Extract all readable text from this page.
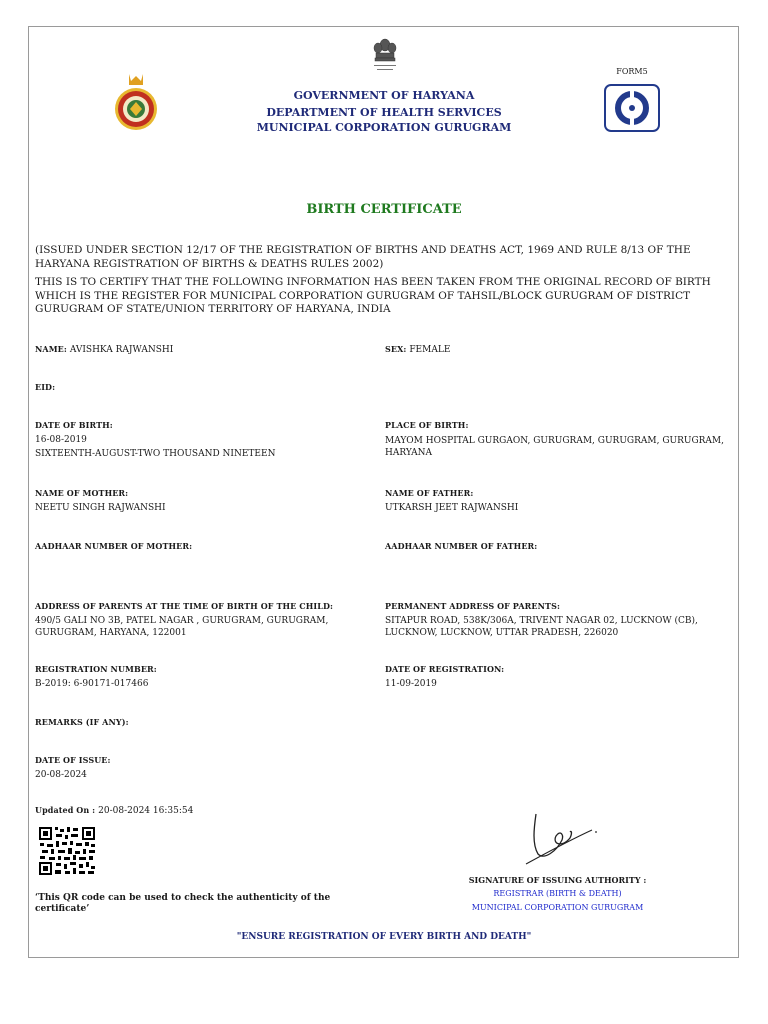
FORM5
GOVERNMENT OF HARYANA
DEPARTMENT OF HEALTH SERVICES
MUNICIPAL CORPORATION GURUGRAM
BIRTH CERTIFICATE
(ISSUED UNDER SECTION 12/17 OF THE REGISTRATION OF BIRTHS AND DEATHS ACT, 1969 AND RULE 8/13 OF THE HARYANA REGISTRATION OF BIRTHS & DEATHS RULES 2002)
THIS IS TO CERTIFY THAT THE FOLLOWING INFORMATION HAS BEEN TAKEN FROM THE ORIGINAL RECORD OF BIRTH WHICH IS THE REGISTER FOR MUNICIPAL CORPORATION GURUGRAM OF TAHSIL/BLOCK GURUGRAM OF DISTRICT GURUGRAM OF STATE/UNION TERRITORY OF HARYANA, INDIA
NAME: AVISHKA RAJWANSHI	SEX: FEMALE
EID:
DATE OF BIRTH:
16-08-2019
SIXTEENTH-AUGUST-TWO THOUSAND NINETEEN
PLACE OF BIRTH:
MAYOM HOSPITAL GURGAON, GURUGRAM, GURUGRAM, GURUGRAM, HARYANA
NAME OF MOTHER:
NEETU SINGH RAJWANSHI
NAME OF FATHER:
UTKARSH JEET RAJWANSHI
AADHAAR NUMBER OF MOTHER:	AADHAAR NUMBER OF FATHER:
ADDRESS OF PARENTS AT THE TIME OF BIRTH OF THE CHILD:
490/5 GALI NO 3B, PATEL NAGAR , GURUGRAM, GURUGRAM, GURUGRAM, HARYANA, 122001
PERMANENT ADDRESS OF PARENTS:
SITAPUR ROAD, 538K/306A, TRIVENT NAGAR 02, LUCKNOW (CB), LUCKNOW, LUCKNOW, UTTAR PRADESH, 226020
REGISTRATION NUMBER:
B-2019: 6-90171-017466
DATE OF REGISTRATION:
11-09-2019
REMARKS (IF ANY):
DATE OF ISSUE:
20-08-2024
Updated On : 20-08-2024 16:35:54
‘This QR code can be used to check the authenticity of the certificate’
SIGNATURE OF ISSUING AUTHORITY :
REGISTRAR (BIRTH & DEATH)
MUNICIPAL CORPORATION GURUGRAM
"ENSURE REGISTRATION OF EVERY BIRTH AND DEATH"
